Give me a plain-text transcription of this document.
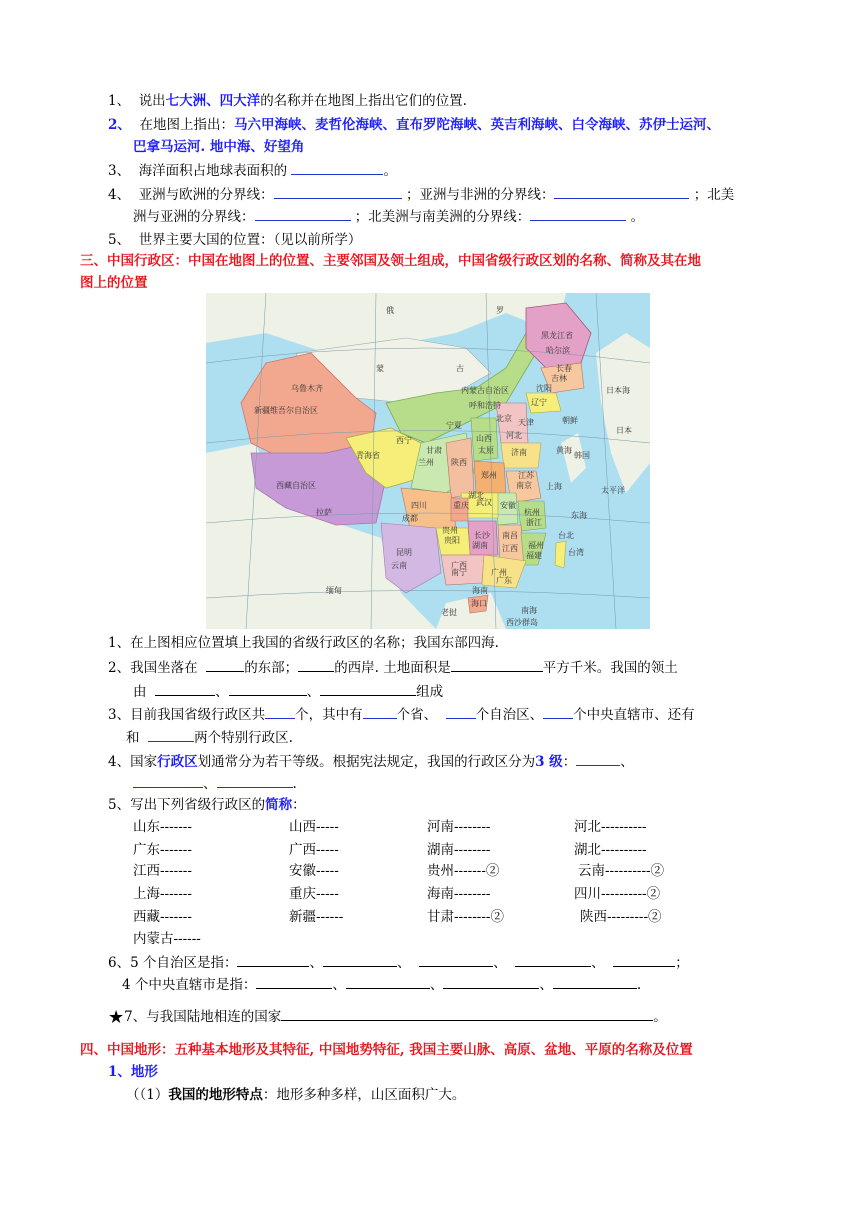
1、 说出七大洲、四大洋的名称并在地图上指出它们的位置.
2、 在地图上指出：马六甲海峡、麦哲伦海峡、直布罗陀海峡、英吉利海峡、白令海峡、苏伊士运河、
巴拿马运河. 地中海、好望角
3、 海洋面积占地球表面积的	。
4、 亚洲与欧洲的分界线：	；亚洲与非洲的分界线：	；北美
洲与亚洲的分界线：	；北美洲与南美洲的分界线：	。
5、 世界主要大国的位置：（见以前所学）
三、中国行政区：中国在地图上的位置、主要邻国及领土组成，中国省级行政区划的名称、简称及其在地
图上的位置
俄	罗
蒙	古
乌鲁木齐
新疆维吾尔自治区
西藏自治区
青海省
内蒙古自治区
黑龙江省
吉林
辽宁
北京 天津
河北
山西
陕西
宁夏
甘肃
四川	重庆
成都
西宁
兰州
拉萨
呼和浩特
沈阳
哈尔滨
长春
太原 济南
郑州
武汉
长沙 南昌
福州
杭州
上海
南京
贵阳
昆明
南宁	广州
海口
台北
江苏
浙江
安徽
湖北
湖南 江西
福建
广东
广西
云南
贵州
海南
台湾
缅甸
老挝
太平洋
日本海
黄海
东海
南海
朝鲜
韩国
日本
西沙群岛
1、在上图相应位置填上我国的省级行政区的名称；我国东部四海.
2、我国坐落在	的东部；	的西岸. 土地面积是	平方千米。我国的领土
由	、	、	组成
3、目前我国省级行政区共 个，其中有	个省、	个自治区、 个中央直辖市、还有
和	两个特别行政区.
4、国家行政区划通常分为若干等级。根据宪法规定，我国的行政区分为3 级：	、
、	.
5、写出下列省级行政区的简称：
山东-------	山西-----	河南--------	河北----------
广东-------	广西-----	湖南--------	湖北----------
江西-------	安徽-----	贵州-------②	云南----------②
上海-------	重庆-----	海南--------	四川----------②
西藏-------	新疆------	甘肃--------②	陕西---------②
内蒙古------
6、5 个自治区是指：	、	、	、	、	；
4 个中央直辖市是指：	、	、	、	.
★7、与我国陆地相连的国家	。
四、中国地形：五种基本地形及其特征, 中国地势特征, 我国主要山脉、高原、盆地、平原的名称及位置
1、地形
（（1）我国的地形特点：地形多种多样，山区面积广大。
